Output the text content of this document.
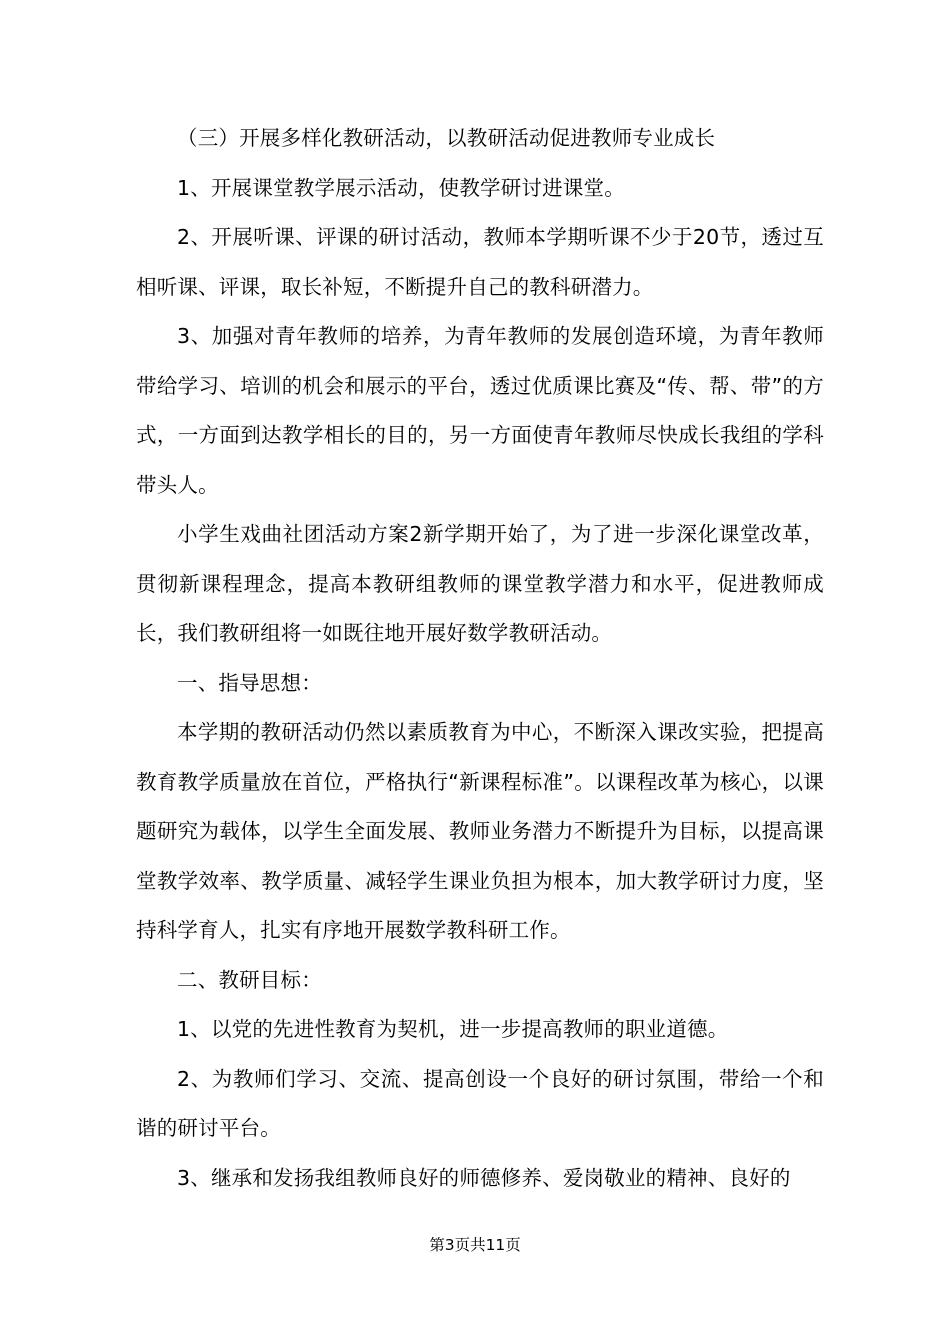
（三）开展多样化教研活动，以教研活动促进教师专业成长

1、开展课堂教学展示活动，使教学研讨进课堂。

2、开展听课、评课的研讨活动，教师本学期听课不少于20节，透过互相听课、评课，取长补短，不断提升自己的教科研潜力。

3、加强对青年教师的培养，为青年教师的发展创造环境，为青年教师带给学习、培训的机会和展示的平台，透过优质课比赛及“传、帮、带”的方式，一方面到达教学相长的目的，另一方面使青年教师尽快成长我组的学科带头人。

小学生戏曲社团活动方案2新学期开始了，为了进一步深化课堂改革，贯彻新课程理念，提高本教研组教师的课堂教学潜力和水平，促进教师成长，我们教研组将一如既往地开展好数学教研活动。

一、指导思想：

本学期的教研活动仍然以素质教育为中心，不断深入课改实验，把提高教育教学质量放在首位，严格执行“新课程标准”。以课程改革为核心，以课题研究为载体，以学生全面发展、教师业务潜力不断提升为目标，以提高课堂教学效率、教学质量、减轻学生课业负担为根本，加大教学研讨力度，坚持科学育人，扎实有序地开展数学教科研工作。

二、教研目标：

1、以党的先进性教育为契机，进一步提高教师的职业道德。

2、为教师们学习、交流、提高创设一个良好的研讨氛围，带给一个和谐的研讨平台。

3、继承和发扬我组教师良好的师德修养、爱岗敬业的精神、良好的

第3页共11页
